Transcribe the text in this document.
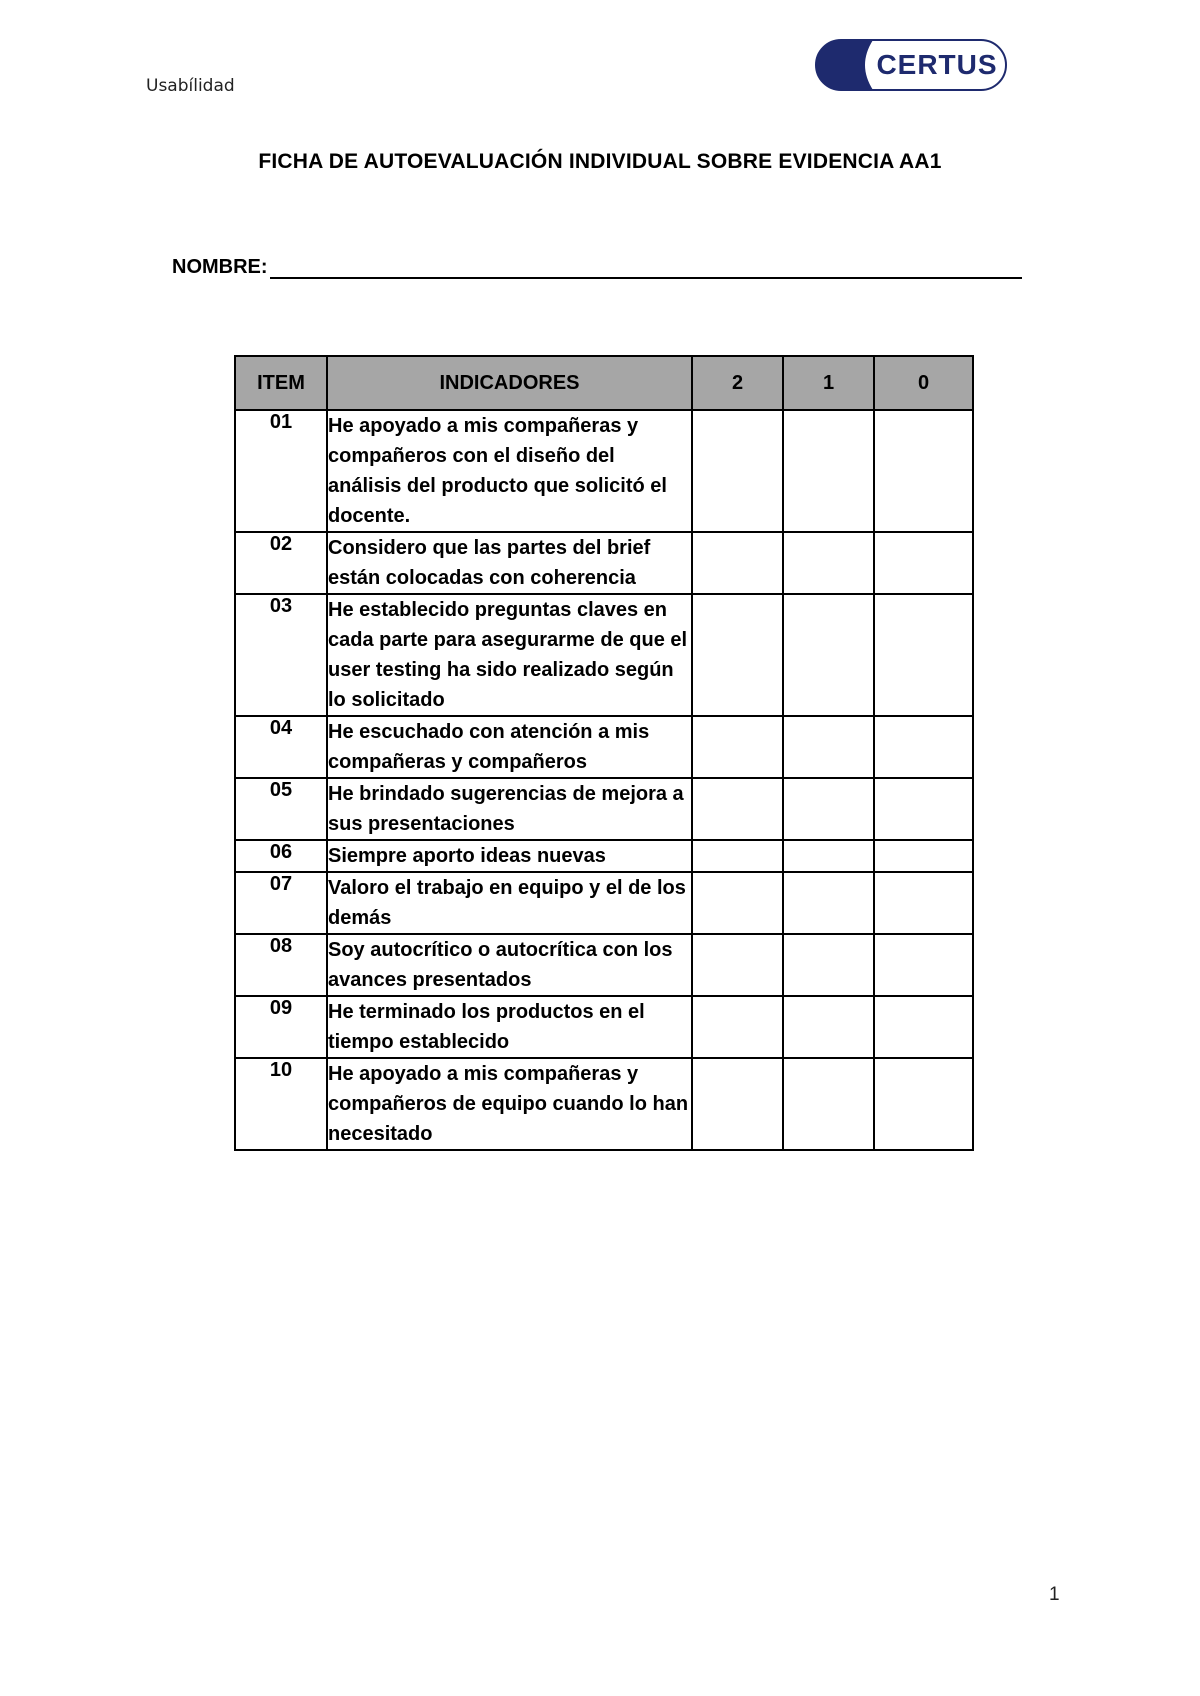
Usabílidad
CERTUS
FICHA DE AUTOEVALUACIÓN INDIVIDUAL SOBRE EVIDENCIA AA1
NOMBRE:
ITEM	INDICADORES	2	1	0
01	He apoyado a mis compañeras y compañeros con el diseño del análisis del producto que solicitó el docente.			
02	Considero que las partes del brief están colocadas con coherencia			
03	He establecido preguntas claves en cada parte para asegurarme de que el user testing ha sido realizado según lo solicitado			
04	He escuchado con atención a mis compañeras y compañeros			
05	He brindado sugerencias de mejora a sus presentaciones			
06	Siempre aporto ideas nuevas			
07	Valoro el trabajo en equipo y el de los demás			
08	Soy autocrítico o autocrítica con los avances presentados			
09	He terminado los productos en el tiempo establecido			
10	He apoyado a mis compañeras y compañeros de equipo cuando lo han necesitado			
1
